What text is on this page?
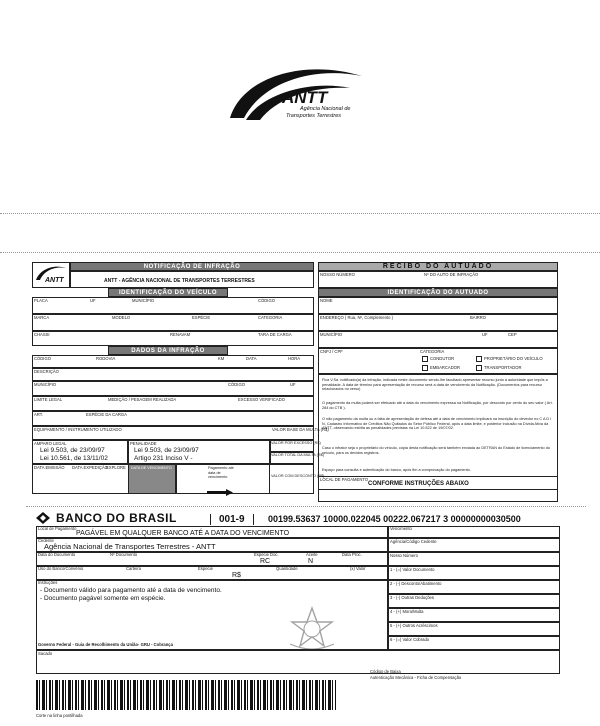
ANTT
Agência Nacional de
Transportes Terrestres
ANTT
NOTIFICAÇÃO DE INFRAÇÃO
ANTT - AGÊNCIA NACIONAL DE TRANSPORTES TERRESTRES
IDENTIFICAÇÃO DO VEÍCULO
PLACA	UF	MUNICÍPIO	CÓDIGO
MARCA	MODELO	ESPÉCIE	CATEGORIA
CHASSI	RENAVAM	TARA DE CARGA
DADOS DA INFRAÇÃO
CÓDIGO	RODOVIA	KM	DATA	HORA
DESCRIÇÃO
MUNICÍPIO	CÓDIGO	UF
LIMITE LEGAL	MEDIÇÃO / PESAGEM REALIZADA	EXCESSO VERIFICADO
ART.	ESPÉCIE DA CARGA
EQUIPAMENTO / INSTRUMENTO UTILIZADO	VALOR BASE DA MULTA (R$)
AMPARO LEGAL
Lei 9.503, de 23/09/97
Lei 10.561, de 13/11/02
PENALIDADE
Lei 9.503, de 23/09/97
Artigo 231 Inciso V -
VALOR POR EXCESSO (R$)
VALOR TOTAL DA MULTA (R$)
DATA EMISSÃO DATA EXPEDIÇÃO
EXPLORE DATA DE VENCIMENTO	Pagamento até data de vencimento	VALOR COM DESCONTO (R$)
RECIBO DO AUTUADO
NOSSO NÚMERO	Nº DO AUTO DE INFRAÇÃO
IDENTIFICAÇÃO DO AUTUADO
NOME
ENDEREÇO ( Rua, Nº, Complemento )	BAIRRO
MUNICÍPIO	UF	CEP
CNPJ / CPF	CATEGORIA
CONDUTOR	PROPRIETÁRIO DO VEÍCULO
EMBARCADOR	TRANSPORTADOR
Fica V.Sa. notificado(a) da infração, indicada neste documento sendo-lhe facultado apresentar recurso junto à autoridade que impôs a penalidade. A data de término para apresentação de recurso será a data de vencimento da Notificação. (Documentos para recurso relacionados no verso)
O pagamento da multa poderá ser efetuado até a data do vencimento expressa na Notificação, por desconto por cento do seu valor ( Art. 284 do CTB ).
O não pagamento da multa ou a falta de apresentação de defesa até a data de vencimento implicará na inscrição do devedor no C A D I N, Cadastro Informativo de Créditos Não Quitados do Setor Público Federal, após a data limite, e posterior inclusão na Dívida Ativa da ANTT, observando estrita as penalidades previstas na Lei 10.522 de 19/07/02.
Caso o infrator seja o proprietário do veículo, cópia desta notificação será também enviada ao DETRAN do Estado de licenciamento do veículo, para os devidos registros.
Espaço para consulta e autenticação do banco, após fim a comprovação do pagamento.
LOCAL DE PAGAMENTO
CONFORME INSTRUÇÕES ABAIXO
BANCO DO BRASIL	001-9	00199.53637 10000.022045 00222.067217 3 00000000030500
Local de Pagamento
PAGÁVEL EM QUALQUER BANCO ATÉ A DATA DO VENCIMENTO
Vencimento
Cedente
Agência Nacional de Transportes Terrestres - ANTT
Agência/Código Cedente
Data do Documento	Nº Documento	Espécie Doc.
RC
Aceite
N
Data Proc.	Nosso Número
Uso do Banco/Convênio	Carteira	Espécie
R$
Quantidade	(x) Valor	1 - (=) Valor Documento
2 - (-) Desconto/Abatimento
3 - (-) Outras Deduções
4 - (+) Mora/Multa
5 - (+) Outros Acréscimos
6 - (=) Valor Cobrado
Instruções
- Documento válido para pagamento até a data de vencimento.
- Documento pagável somente em espécie.
Governo Federal - Guia de Recolhimento da União- GRU - Cobrança
Sacado
Código de Baixa
Autenticação Mecânica - Ficha de Compensação
Corte na linha pontilhada
